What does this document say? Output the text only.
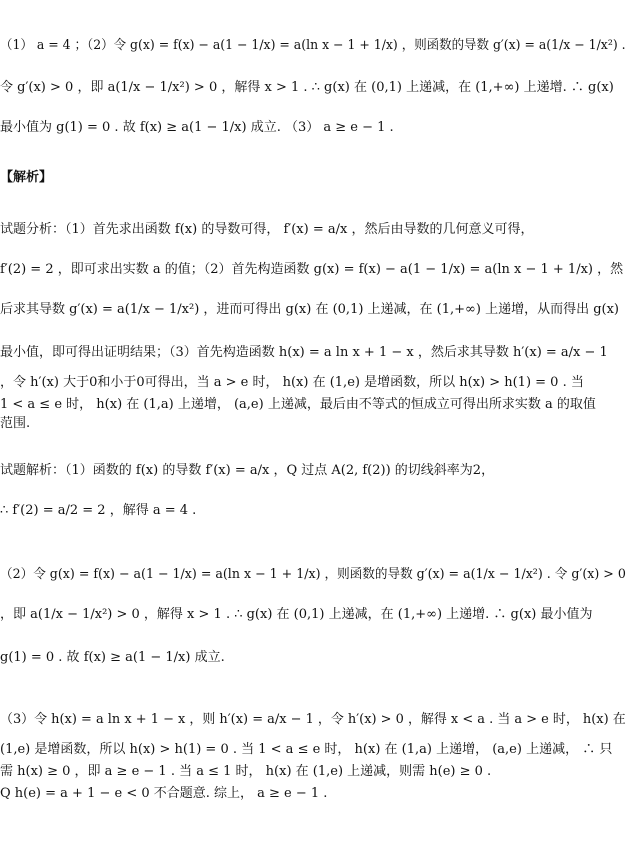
（1） a = 4 ；（2）令 g(x) = f(x) − a(1 − 1/x) = a(ln x − 1 + 1/x) ，则函数的导数 g′(x) = a(1/x − 1/x²) .
令 g′(x) > 0 ，即 a(1/x − 1/x²) > 0 ，解得 x > 1 . ∴ g(x) 在 (0,1) 上递减，在 (1,+∞) 上递增. ∴ g(x)
最小值为 g(1) = 0 . 故 f(x) ≥ a(1 − 1/x) 成立. （3） a ≥ e − 1 .
【解析】
试题分析：（1）首先求出函数 f(x) 的导数可得， f′(x) = a/x ，然后由导数的几何意义可得，
f′(2) = 2 ，即可求出实数 a 的值；（2）首先构造函数 g(x) = f(x) − a(1 − 1/x) = a(ln x − 1 + 1/x) ，然
后求其导数 g′(x) = a(1/x − 1/x²) ，进而可得出 g(x) 在 (0,1) 上递减，在 (1,+∞) 上递增，从而得出 g(x)
最小值，即可得出证明结果；（3）首先构造函数 h(x) = a ln x + 1 − x ，然后求其导数 h′(x) = a/x − 1
，令 h′(x) 大于0和小于0可得出，当 a > e 时， h(x) 在 (1,e) 是增函数，所以 h(x) > h(1) = 0 . 当
1 < a ≤ e 时， h(x) 在 (1,a) 上递增， (a,e) 上递减，最后由不等式的恒成立可得出所求实数 a 的取值
范围.
试题解析：（1）函数的 f(x) 的导数 f′(x) = a/x ，Q 过点 A(2, f(2)) 的切线斜率为2，
∴ f′(2) = a/2 = 2 ，解得 a = 4 .
（2）令 g(x) = f(x) − a(1 − 1/x) = a(ln x − 1 + 1/x) ，则函数的导数 g′(x) = a(1/x − 1/x²) . 令 g′(x) > 0
，即 a(1/x − 1/x²) > 0 ，解得 x > 1 . ∴ g(x) 在 (0,1) 上递减，在 (1,+∞) 上递增. ∴ g(x) 最小值为
g(1) = 0 . 故 f(x) ≥ a(1 − 1/x) 成立.
（3）令 h(x) = a ln x + 1 − x ，则 h′(x) = a/x − 1 ，令 h′(x) > 0 ，解得 x < a . 当 a > e 时， h(x) 在
(1,e) 是增函数，所以 h(x) > h(1) = 0 . 当 1 < a ≤ e 时， h(x) 在 (1,a) 上递增， (a,e) 上递减， ∴ 只
需 h(x) ≥ 0 ，即 a ≥ e − 1 . 当 a ≤ 1 时， h(x) 在 (1,e) 上递减，则需 h(e) ≥ 0 .
Q h(e) = a + 1 − e < 0 不合题意. 综上， a ≥ e − 1 .
